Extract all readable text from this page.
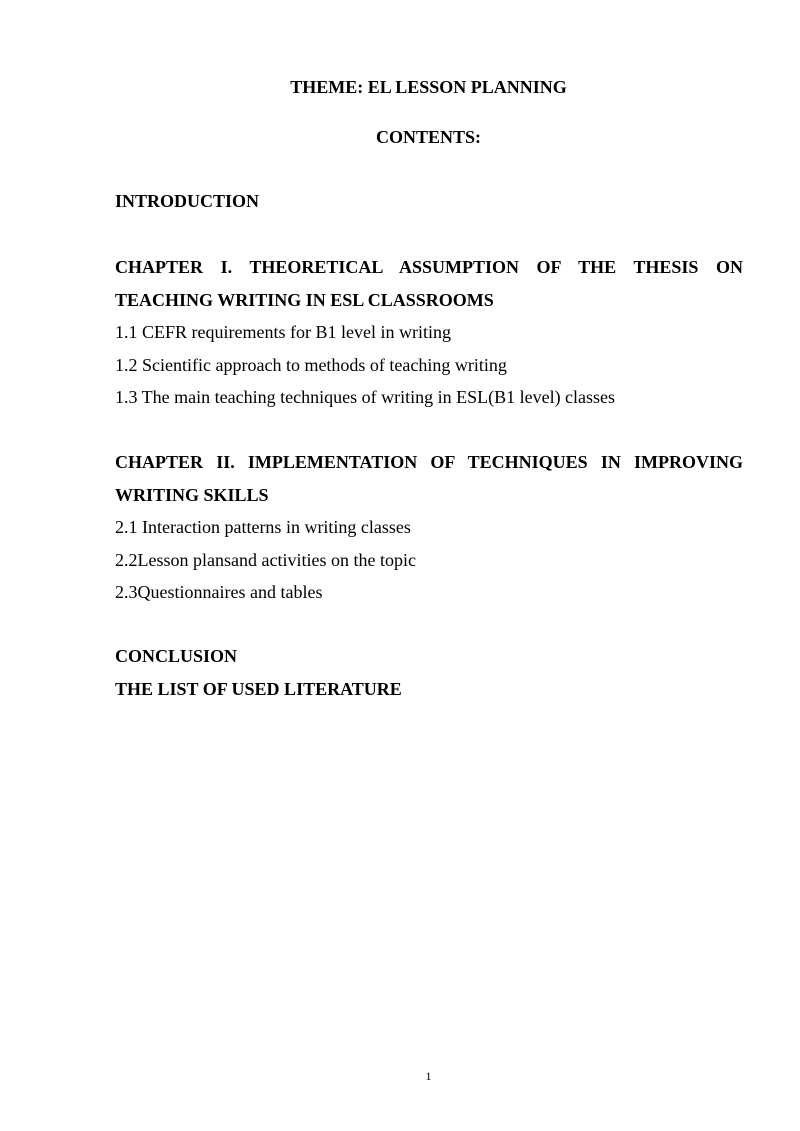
THEME: EL LESSON PLANNING
CONTENTS:
INTRODUCTION
CHAPTER I. THEORETICAL ASSUMPTION OF THE THESIS ON
TEACHING WRITING IN ESL CLASSROOMS
1.1 CEFR requirements for B1 level in writing
1.2 Scientific approach to methods of teaching writing
1.3 The main teaching techniques of writing in ESL(B1 level) classes
CHAPTER II. IMPLEMENTATION OF TECHNIQUES IN IMPROVING
WRITING SKILLS
2.1 Interaction patterns in writing classes
2.2Lesson plansand activities on the topic
2.3Questionnaires and tables
CONCLUSION
THE LIST OF USED LITERATURE
1
